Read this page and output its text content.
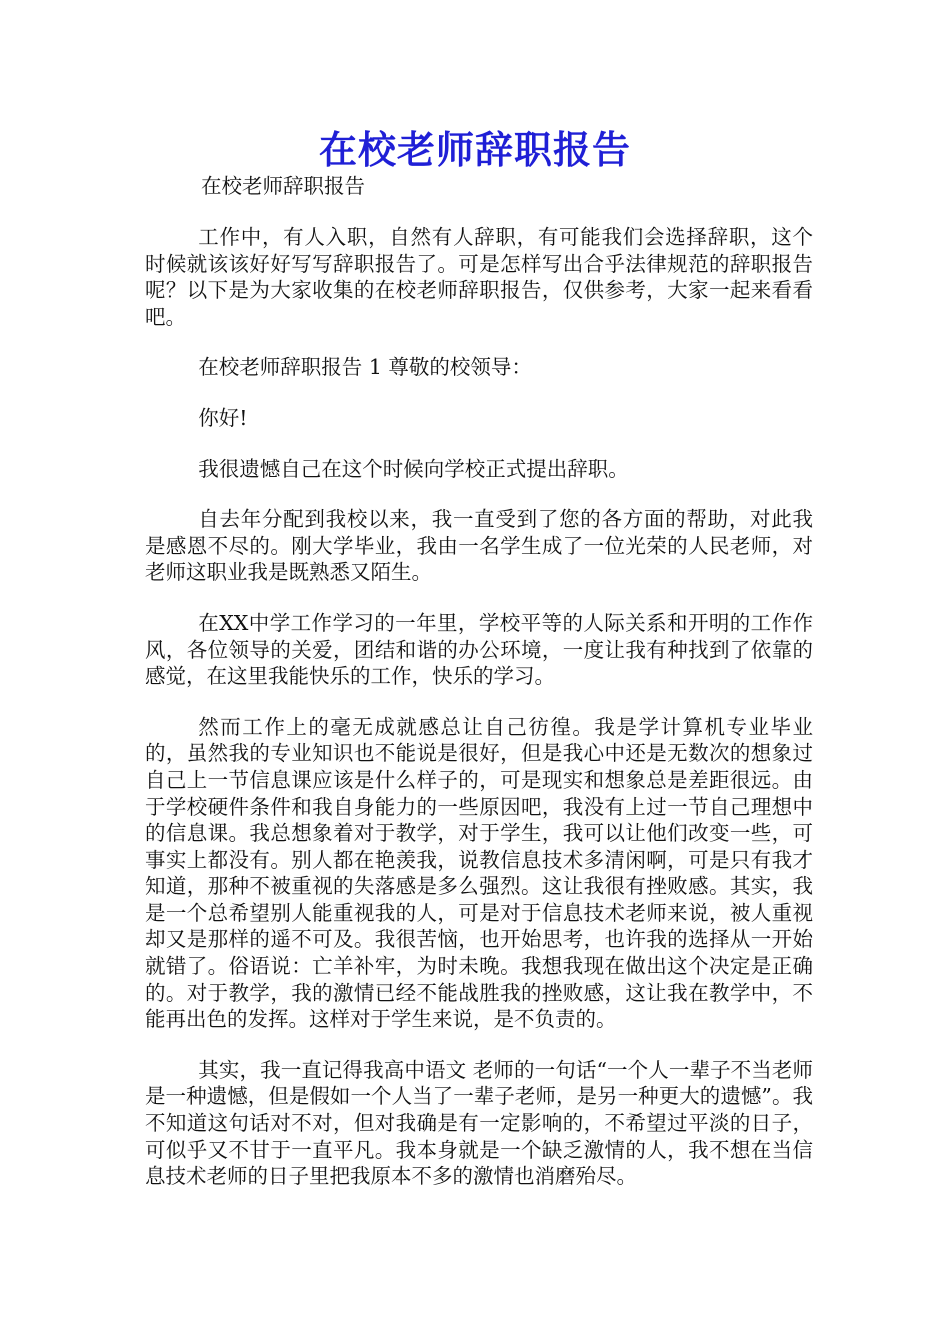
在校老师辞职报告

在校老师辞职报告

工作中，有人入职，自然有人辞职，有可能我们会选择辞职，这个时候就该该好好写写辞职报告了。可是怎样写出合乎法律规范的辞职报告呢？以下是为大家收集的在校老师辞职报告，仅供参考，大家一起来看看吧。

在校老师辞职报告 1 尊敬的校领导：

你好!

我很遗憾自己在这个时候向学校正式提出辞职。

自去年分配到我校以来，我一直受到了您的各方面的帮助，对此我是感恩不尽的。刚大学毕业，我由一名学生成了一位光荣的人民老师，对老师这职业我是既熟悉又陌生。

在XX中学工作学习的一年里，学校平等的人际关系和开明的工作作风，各位领导的关爱，团结和谐的办公环境，一度让我有种找到了依靠的感觉，在这里我能快乐的工作，快乐的学习。

然而工作上的毫无成就感总让自己彷徨。我是学计算机专业毕业的，虽然我的专业知识也不能说是很好，但是我心中还是无数次的想象过自己上一节信息课应该是什么样子的，可是现实和想象总是差距很远。由于学校硬件条件和我自身能力的一些原因吧，我没有上过一节自己理想中的信息课。我总想象着对于教学，对于学生，我可以让他们改变一些，可事实上都没有。别人都在艳羡我，说教信息技术多清闲啊，可是只有我才知道，那种不被重视的失落感是多么强烈。这让我很有挫败感。其实，我是一个总希望别人能重视我的人，可是对于信息技术老师来说，被人重视却又是那样的遥不可及。我很苦恼，也开始思考，也许我的选择从一开始就错了。俗语说：亡羊补牢，为时未晚。我想我现在做出这个决定是正确的。对于教学，我的激情已经不能战胜我的挫败感，这让我在教学中，不能再出色的发挥。这样对于学生来说，是不负责的。

其实，我一直记得我高中语文 老师的一句话“一个人一辈子不当老师是一种遗憾，但是假如一个人当了一辈子老师，是另一种更大的遗憾”。我不知道这句话对不对，但对我确是有一定影响的，不希望过平淡的日子，可似乎又不甘于一直平凡。我本身就是一个缺乏激情的人，我不想在当信息技术老师的日子里把我原本不多的激情也消磨殆尽。
